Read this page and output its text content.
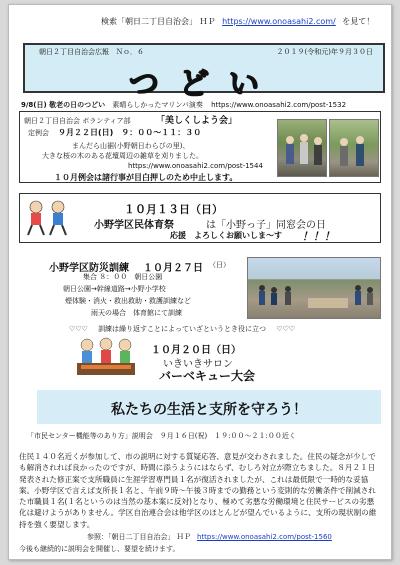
検索「朝日二丁目自治会」 ＨＰ https://www.onoasahi2.com/ を見て！
朝日２丁目自治会広報　Ｎｏ．６	２０１９(令和元)年９月３０日
つどい
9/8(日) 敬老の日のつどい 素晴らしかったマリンバ演奏 https://www.onoasahi2.com/post-1532
朝日２丁目自治会 ボランティア部	「美しくしよう会」
定例会 ９月２２日(日)　９：００～１１：３０
まんだら山裾(小野朝日わらびの里)、
大きな桜の木のある花壇周辺の雑草を刈りました。
https://www.onoasahi2.com/post-1544
１０月例会は諸行事が目白押しのため中止します。
１０月１３日（日）
小野学区民体育祭	は「小野っ子」同窓会の日
応援　よろしくお願いしま～す ！！！
小野学区防災訓練 １０月２７日 （日）
集合 ８：００　朝日公園
朝日公園→幹線道路→小野小学校
煙体験・消火・救出救助・救護訓練など
雨天の場合　体育館にて訓練
♡♡♡ 訓練は繰り返すことによっていざというとき役に立つ ♡♡♡
１０月２０日（日）
いきいきサロン
バーベキュー大会
私たちの生活と支所を守ろう！
「市民センター機能等のあり方」説明会　９月１６日(祝)　１９:００～２１:００近く
住民１４０名近くが参加して、市の説明に対する質疑応答、意見が交わされました。住民の疑念が少しでも解消されれば良かったのですが、時間に添うようにはならず、むしろ対立が際立ちました。８月２１日発表された修正案で支所職員に生涯学習専門員１名が復活されましたが、これは最低限で一時的な妥協案。小野学区で言えば支所長１名と、午前９時～午後３時までの勤務という変則的な労働条件で削減された市職員１名(１名というのは当然の基本案に反対)となり、極めて劣悪な労働環境と住民サービスの劣悪化は避けようがありません。学区自治連合会は他学区のほとんどが望んでいるように、支所の現状制の維持を強く要望します。
参照：「朝日二丁目自治会」 ＨＰ https://www.onoasahi2.com/post-1560
今後も継続的に説明会を開催し、要望を続けます。
